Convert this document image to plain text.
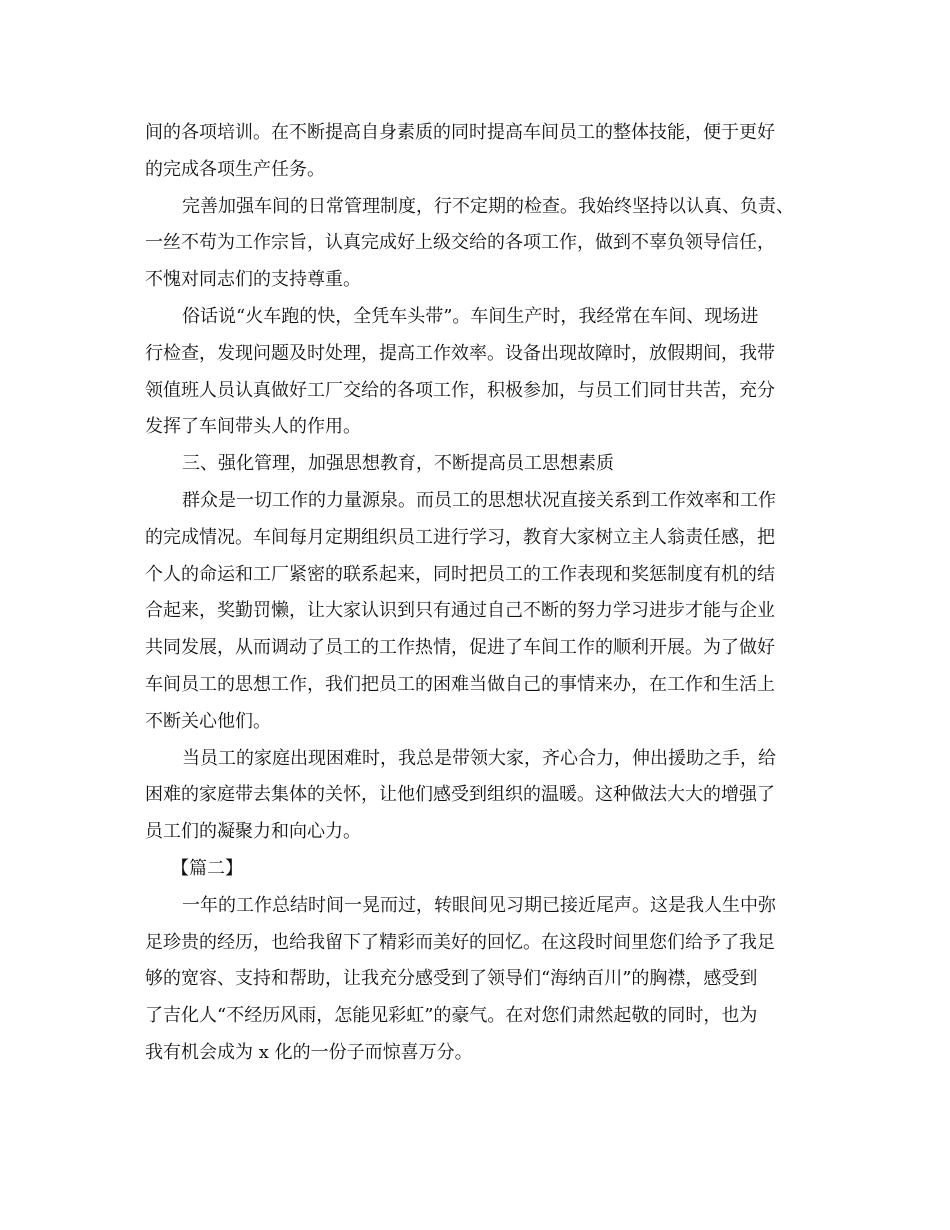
间的各项培训。在不断提高自身素质的同时提高车间员工的整体技能，便于更好
的完成各项生产任务。
完善加强车间的日常管理制度，行不定期的检查。我始终坚持以认真、负责、
一丝不苟为工作宗旨，认真完成好上级交给的各项工作，做到不辜负领导信任，
不愧对同志们的支持尊重。
俗话说“火车跑的快，全凭车头带”。车间生产时，我经常在车间、现场进
行检查，发现问题及时处理，提高工作效率。设备出现故障时，放假期间，我带
领值班人员认真做好工厂交给的各项工作，积极参加，与员工们同甘共苦，充分
发挥了车间带头人的作用。
三、强化管理，加强思想教育，不断提高员工思想素质
群众是一切工作的力量源泉。而员工的思想状况直接关系到工作效率和工作
的完成情况。车间每月定期组织员工进行学习，教育大家树立主人翁责任感，把
个人的命运和工厂紧密的联系起来，同时把员工的工作表现和奖惩制度有机的结
合起来，奖勤罚懒，让大家认识到只有通过自己不断的努力学习进步才能与企业
共同发展，从而调动了员工的工作热情，促进了车间工作的顺利开展。为了做好
车间员工的思想工作，我们把员工的困难当做自己的事情来办，在工作和生活上
不断关心他们。
当员工的家庭出现困难时，我总是带领大家，齐心合力，伸出援助之手，给
困难的家庭带去集体的关怀，让他们感受到组织的温暖。这种做法大大的增强了
员工们的凝聚力和向心力。
【篇二】
一年的工作总结时间一晃而过，转眼间见习期已接近尾声。这是我人生中弥
足珍贵的经历，也给我留下了精彩而美好的回忆。在这段时间里您们给予了我足
够的宽容、支持和帮助，让我充分感受到了领导们“海纳百川”的胸襟，感受到
了吉化人“不经历风雨，怎能见彩虹”的豪气。在对您们肃然起敬的同时，也为
我有机会成为 x 化的一份子而惊喜万分。
